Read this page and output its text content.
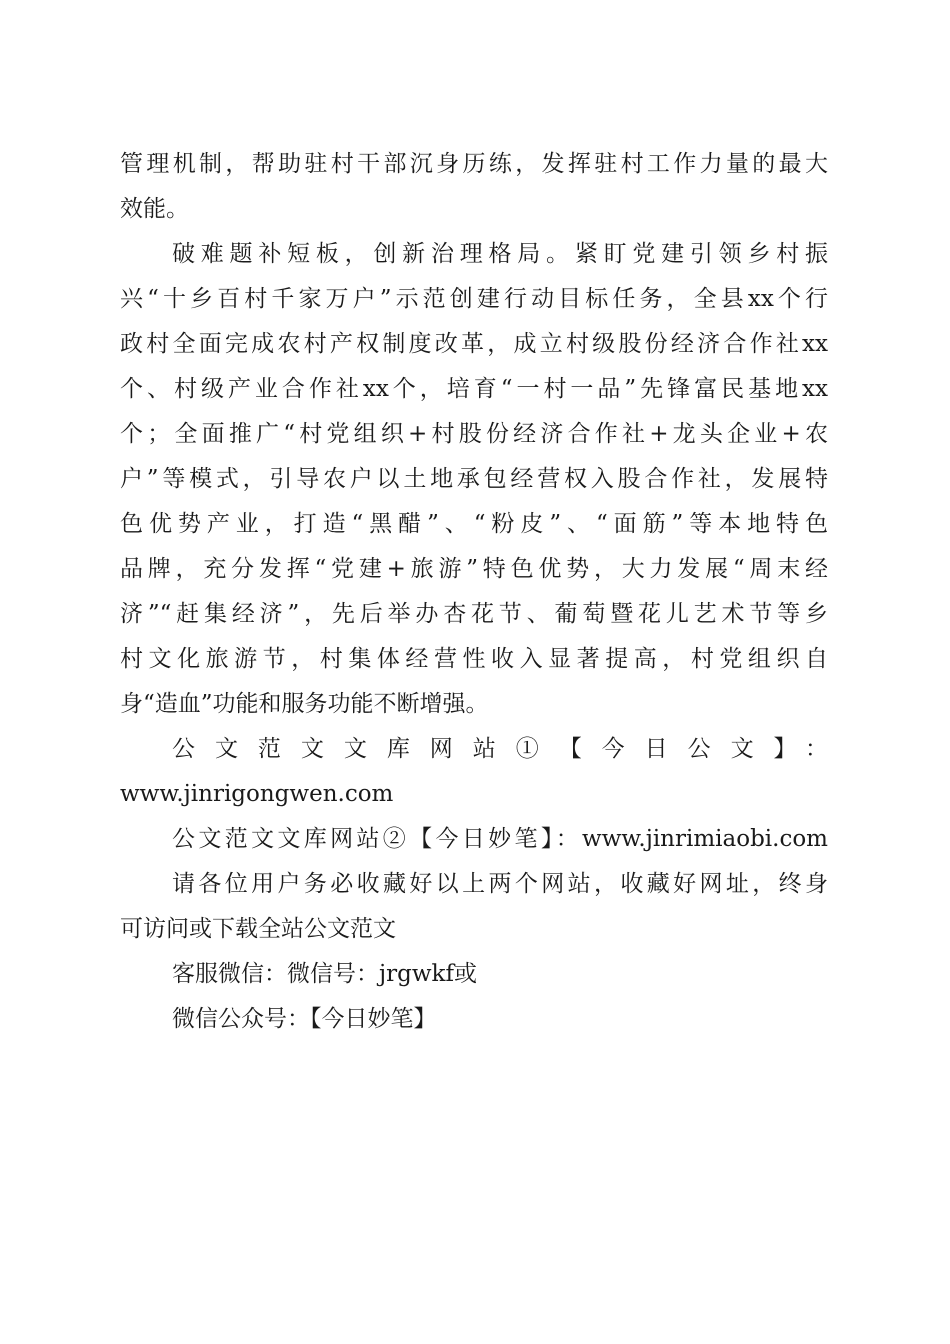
管理机制，帮助驻村干部沉身历练，发挥驻村工作力量的最大
效能。
破难题补短板，创新治理格局。紧盯党建引领乡村振
兴“十乡百村千家万户”示范创建行动目标任务，全县xx个行
政村全面完成农村产权制度改革，成立村级股份经济合作社xx
个、村级产业合作社xx个，培育“一村一品”先锋富民基地xx
个；全面推广“村党组织+村股份经济合作社+龙头企业+农
户”等模式，引导农户以土地承包经营权入股合作社，发展特
色优势产业，打造“黑醋”、“粉皮”、“面筋”等本地特色
品牌，充分发挥“党建+旅游”特色优势，大力发展“周末经
济”“赶集经济”，先后举办杏花节、葡萄暨花儿艺术节等乡
村文化旅游节，村集体经营性收入显著提高，村党组织自
身“造血”功能和服务功能不断增强。
公文范文文库网站①【今日公文】：
www.jinrigongwen.com
公文范文文库网站②【今日妙笔】：www.jinrimiaobi.com
请各位用户务必收藏好以上两个网站，收藏好网址，终身
可访问或下载全站公文范文
客服微信：微信号：jrgwkf或
微信公众号：【今日妙笔】
